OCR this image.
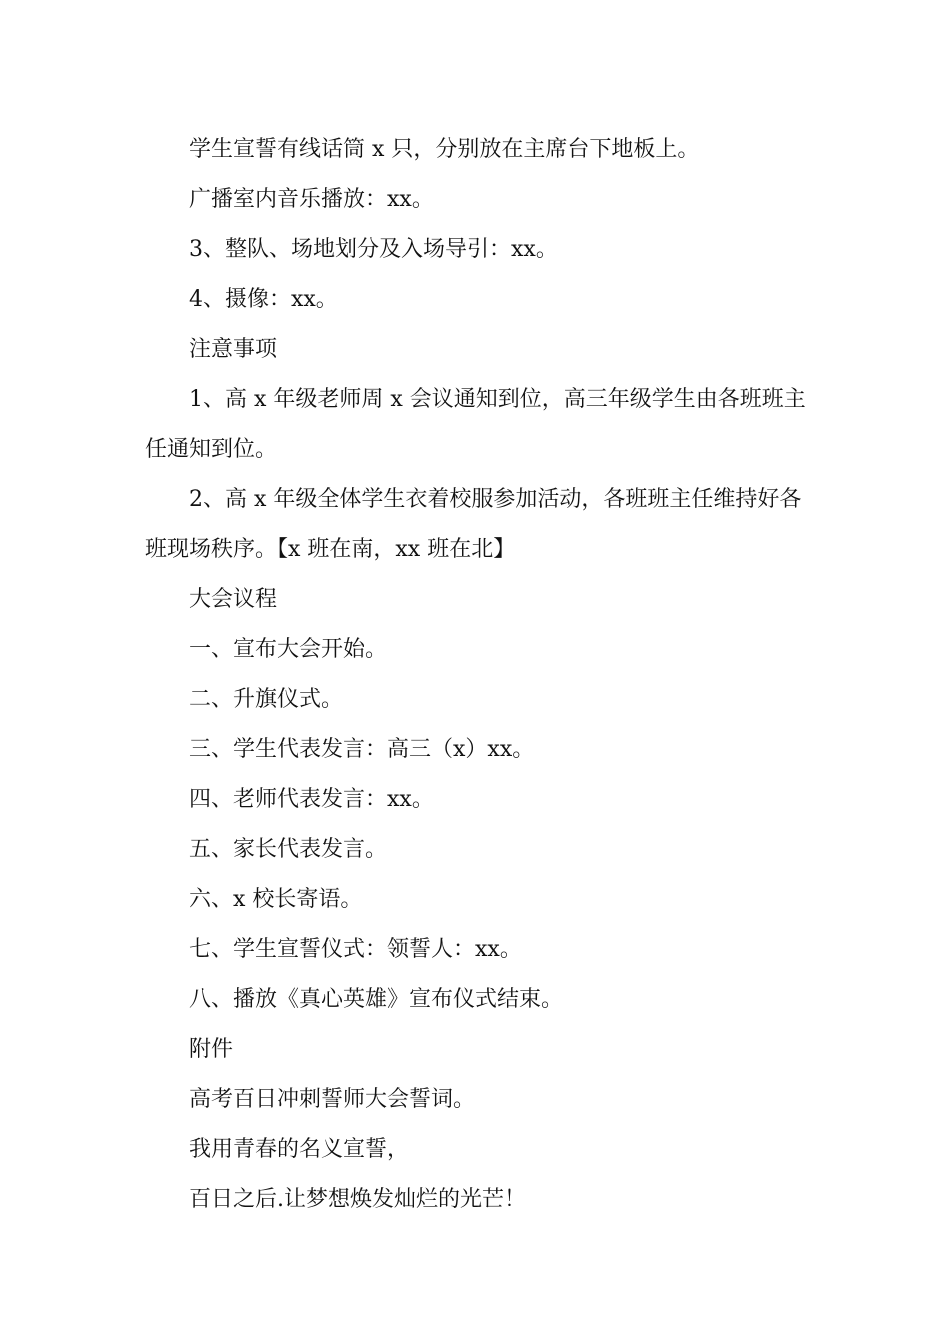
学生宣誓有线话筒 x 只，分别放在主席台下地板上。

广播室内音乐播放：xx。

3、整队、场地划分及入场导引：xx。

4、摄像：xx。

注意事项

1、高 x 年级老师周 x 会议通知到位，高三年级学生由各班班主任通知到位。

2、高 x 年级全体学生衣着校服参加活动，各班班主任维持好各班现场秩序。【x 班在南，xx 班在北】

大会议程

一、宣布大会开始。

二、升旗仪式。

三、学生代表发言：高三（x）xx。

四、老师代表发言：xx。

五、家长代表发言。

六、x 校长寄语。

七、学生宣誓仪式：领誓人：xx。

八、播放《真心英雄》宣布仪式结束。

附件

高考百日冲刺誓师大会誓词。

我用青春的名义宣誓，

百日之后.让梦想焕发灿烂的光芒！
